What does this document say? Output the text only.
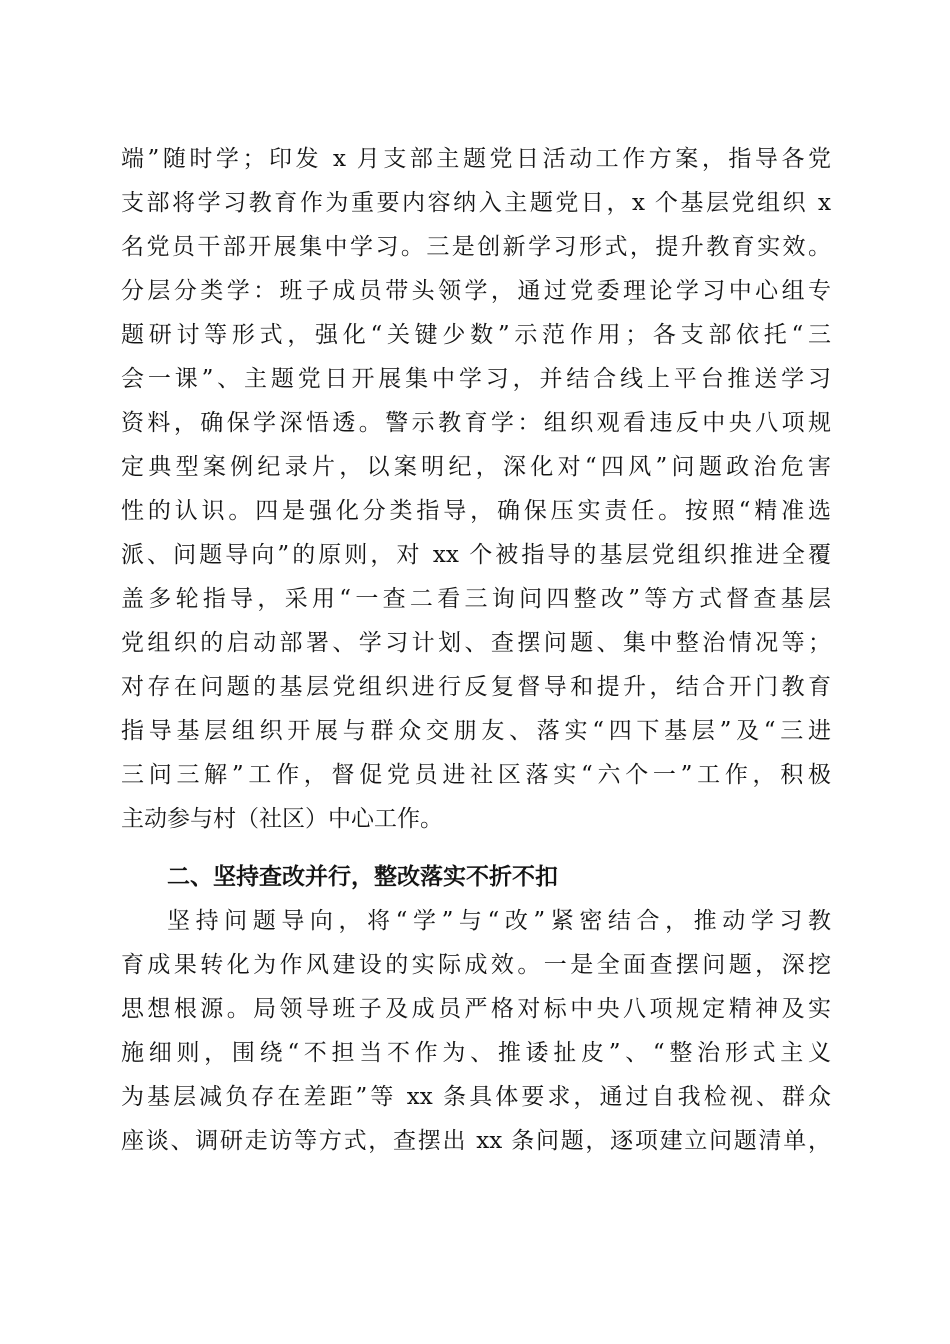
端”随时学；印发 x 月支部主题党日活动工作方案，指导各党
支部将学习教育作为重要内容纳入主题党日，x 个基层党组织 x
名党员干部开展集中学习。三是创新学习形式，提升教育实效。
分层分类学：班子成员带头领学，通过党委理论学习中心组专
题研讨等形式，强化“关键少数”示范作用；各支部依托“三
会一课”、主题党日开展集中学习，并结合线上平台推送学习
资料，确保学深悟透。警示教育学：组织观看违反中央八项规
定典型案例纪录片，以案明纪，深化对“四风”问题政治危害
性的认识。四是强化分类指导，确保压实责任。按照“精准选
派、问题导向”的原则，对 xx 个被指导的基层党组织推进全覆
盖多轮指导，采用“一查二看三询问四整改”等方式督查基层
党组织的启动部署、学习计划、查摆问题、集中整治情况等；
对存在问题的基层党组织进行反复督导和提升，结合开门教育
指导基层组织开展与群众交朋友、落实“四下基层”及“三进
三问三解”工作，督促党员进社区落实“六个一”工作，积极
主动参与村（社区）中心工作。
二、坚持查改并行，整改落实不折不扣
坚持问题导向，将“学”与“改”紧密结合，推动学习教
育成果转化为作风建设的实际成效。一是全面查摆问题，深挖
思想根源。局领导班子及成员严格对标中央八项规定精神及实
施细则，围绕“不担当不作为、推诿扯皮”、“整治形式主义
为基层减负存在差距”等 xx 条具体要求，通过自我检视、群众
座谈、调研走访等方式，查摆出 xx 条问题，逐项建立问题清单，
